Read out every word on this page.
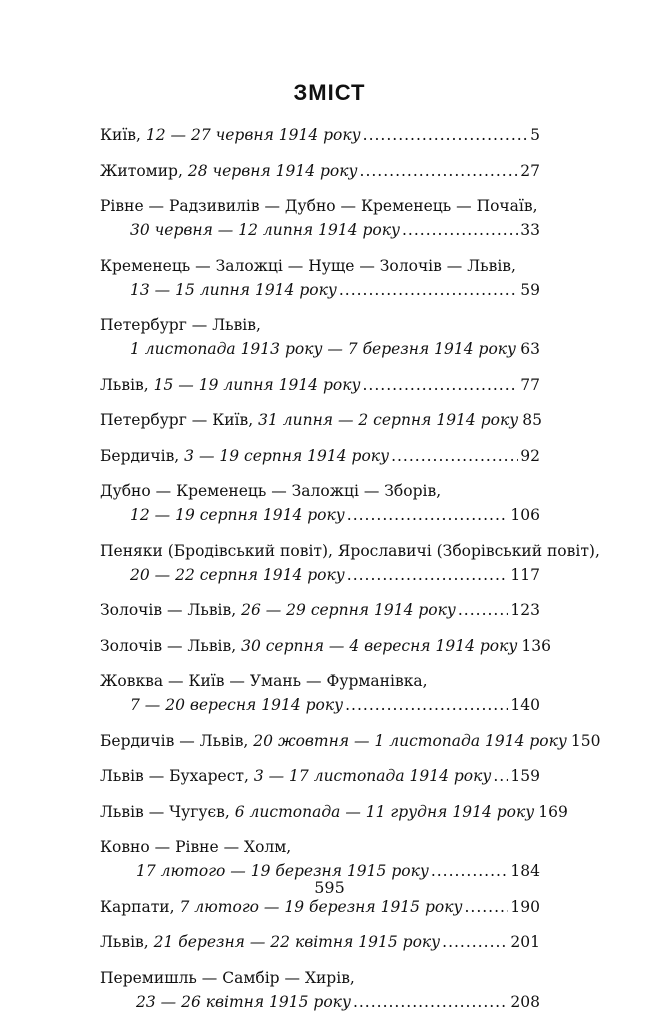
ЗМІСТ
Київ, 12 — 27 червня 1914 року .....	5
Житомир, 28 червня 1914 року .....	27
Рівне — Радзивилів — Дубно — Кременець — Почаїв,
30 червня — 12 липня 1914 року .....	33
Кременець — Заложці — Нуще — Золочів — Львів,
13 — 15 липня 1914 року .....	59
Петербург — Львів,
1 листопада 1913 року — 7 березня 1914 року ..... 63
Львів, 15 — 19 липня 1914 року .....	77
Петербург — Київ, 31 липня — 2 серпня 1914 року 85
Бердичів, 3 — 19 серпня 1914 року .....	92
Дубно — Кременець — Заложці — Зборів,
12 — 19 серпня 1914 року .....	106
Пеняки (Бродівський повіт), Ярославичі (Зборівський повіт),
20 — 22 серпня 1914 року .....	117
Золочів — Львів, 26 — 29 серпня 1914 року .....	123
Золочів — Львів, 30 серпня — 4 вересня 1914 року 136
Жовква — Київ — Умань — Фурманівка,
7 — 20 вересня 1914 року .....	140
Бердичів — Львів, 20 жовтня — 1 листопада 1914 року 150
Львів — Бухарест, 3 — 17 листопада 1914 року ..... 159
Львів — Чугуєв, 6 листопада — 11 грудня 1914 року 169
Ковно — Рівне — Холм,
17 лютого — 19 березня 1915 року .....	184
Карпати, 7 лютого — 19 березня 1915 року .....	190
Львів, 21 березня — 22 квітня 1915 року .....	201
Перемишль — Самбір — Хирів,
23 — 26 квітня 1915 року .....	208
595
